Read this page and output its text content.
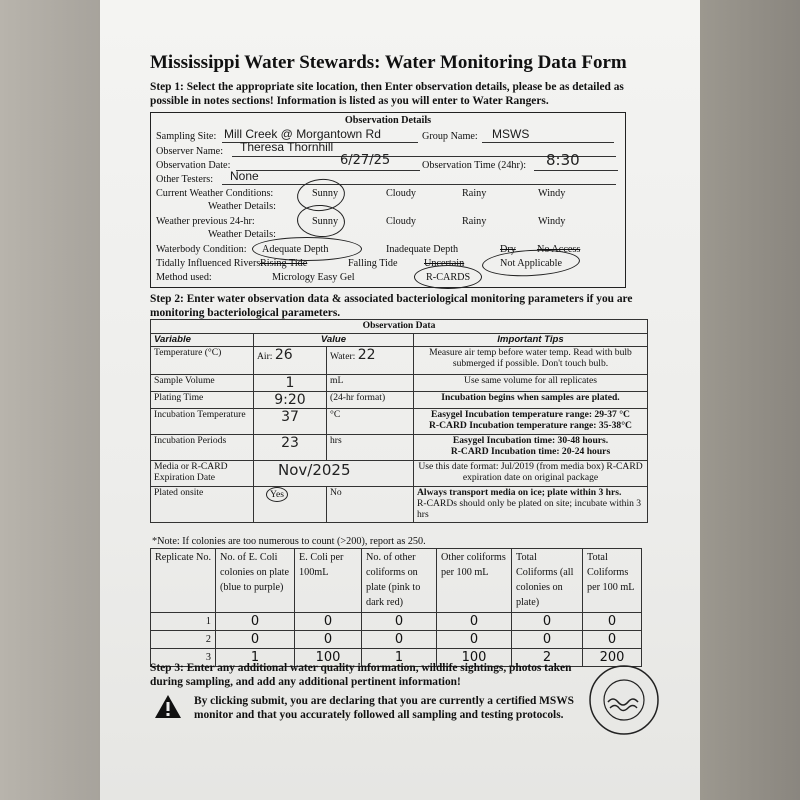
Mississippi Water Stewards: Water Monitoring Data Form
Step 1: Select the appropriate site location, then Enter observation details, please be as detailed as possible in notes sections! Information is listed as you will enter to Water Rangers.
Observation Details
Sampling Site: Mill Creek @ Morgantown Rd	Group Name: MSWS
Observer Name: Theresa Thornhill
Observation Date:	6/27/25	Observation Time (24hr): 8:30
Other Testers: None
Current Weather Conditions:	Sunny	Cloudy	Rainy	Windy
Weather Details:
Weather previous 24-hr:	Sunny	Cloudy	Rainy	Windy
Weather Details:
Waterbody Condition: Adequate Depth	Inadequate Depth	Dry No Access
Tidally Influenced Rivers:
Rising Tide	Falling Tide	Uncertain	Not Applicable
Method used:	Micrology Easy Gel	R-CARDS
Step 2: Enter water observation data & associated bacteriological monitoring parameters if you are monitoring bacteriological parameters.
Observation Data			
Variable	Value		Important Tips
Temperature (°C)	Air: 26	Water: 22	Measure air temp before water temp. Read with bulb submerged if possible. Don't touch bulb.
Sample Volume	1	mL	Use same volume for all replicates
Plating Time	9:20	(24-hr format)	Incubation begins when samples are plated.
Incubation Temperature	37	°C	Easygel Incubation temperature range: 29-37 °C
R-CARD Incubation temperature range: 35-38°C

Incubation Periods	23	hrs	Easygel Incubation time: 30-48 hours.
R-CARD Incubation time: 20-24 hours

Media or R-CARD Expiration Date	Nov/2025		Use this date format: Jul/2019 (from media box) R-CARD expiration date on original package
Plated onsite	Yes	No	Always transport media on ice; plate within 3 hrs.
R-CARDs should only be plated on site; incubate within 3 hrs
*Note: If colonies are too numerous to count (>200), report as 250.
Replicate No.	No. of E. Coli colonies on plate (blue to purple)	E. Coli per 100mL	No. of other coliforms on plate (pink to dark red)	Other coliforms per 100 mL	Total Coliforms (all colonies on plate)	Total Coliforms per 100 mL
1	0	0	0	0	0	0
2	0	0	0	0	0	0
3	1	100	1	100	2	200
Step 3: Enter any additional water quality information, wildlife sightings, photos taken during sampling, and add any additional pertinent information!
By clicking submit, you are declaring that you are currently a certified MSWS monitor and that you accurately followed all sampling and testing protocols.
